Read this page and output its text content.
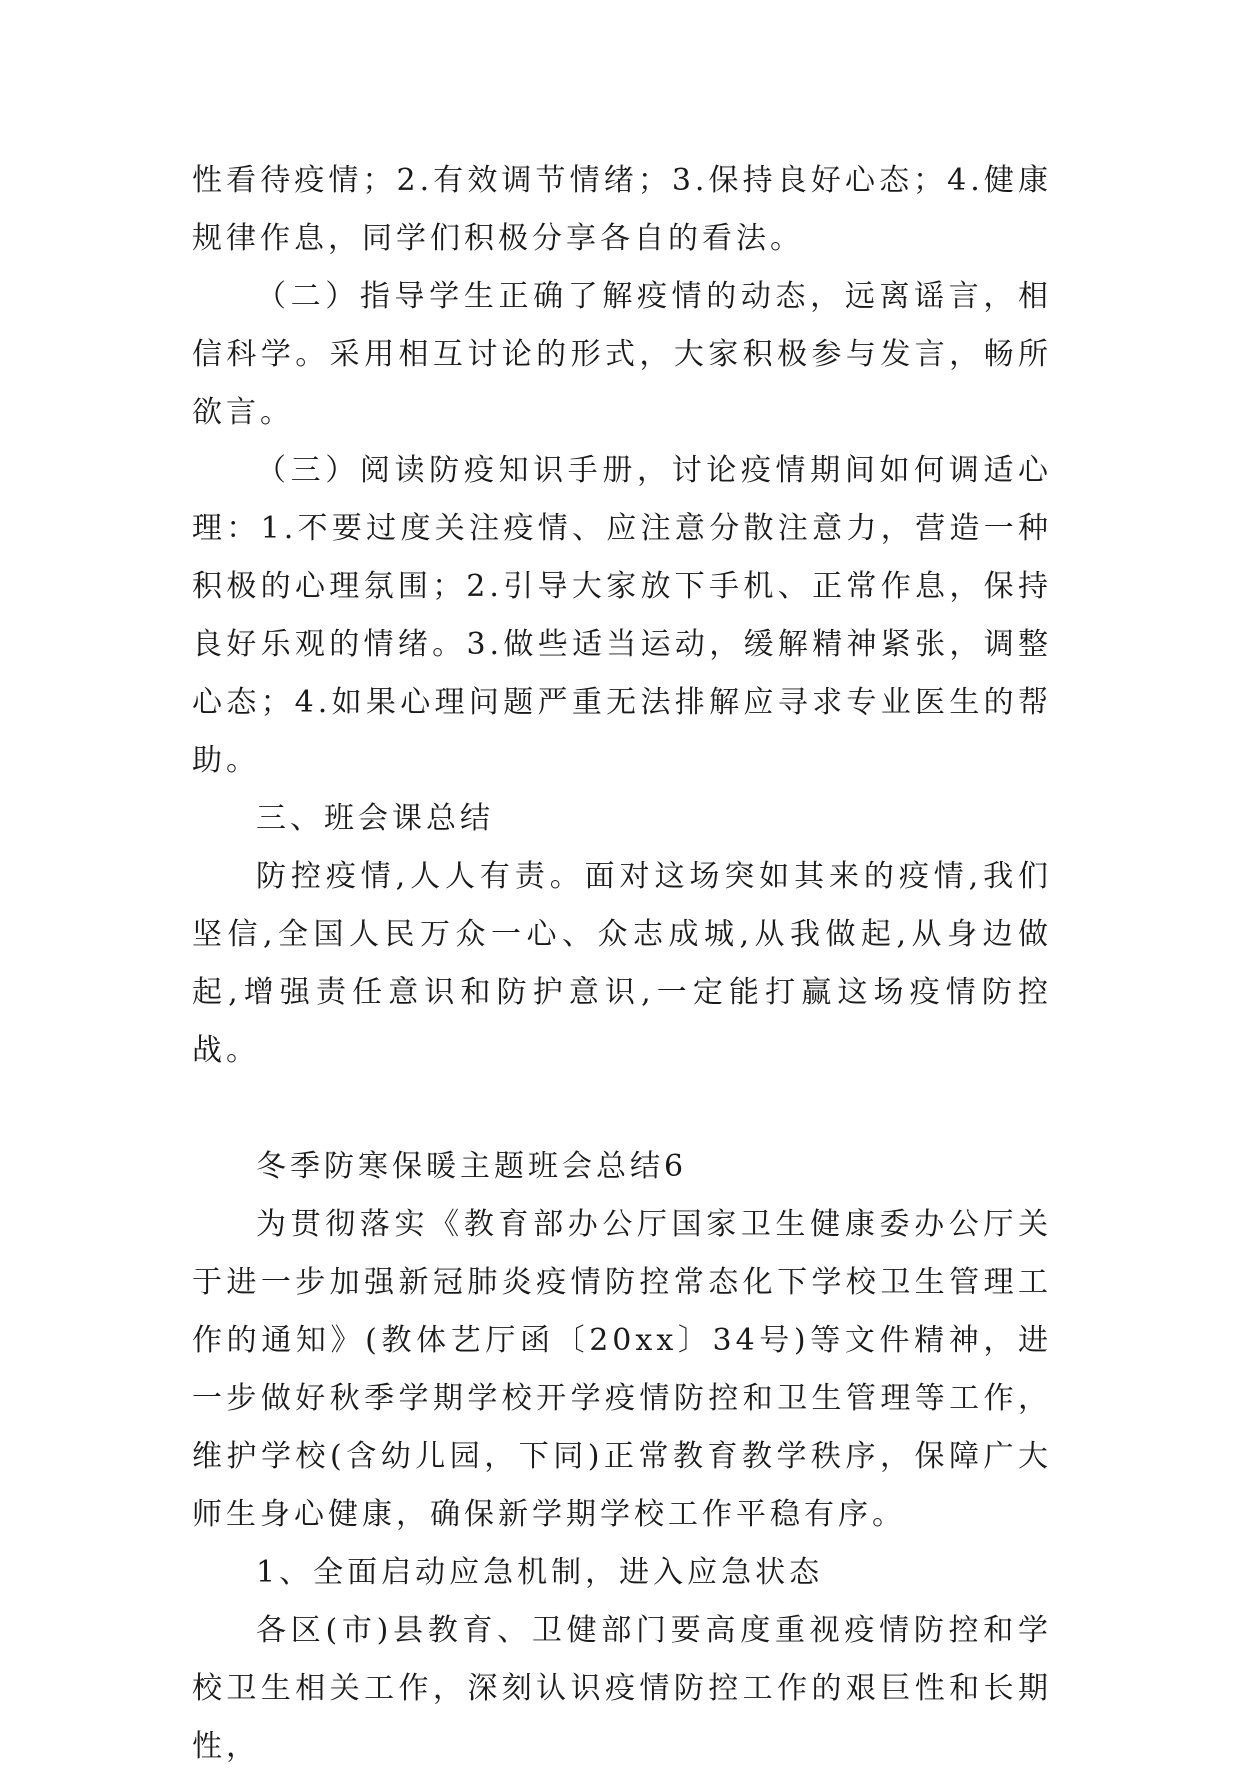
性看待疫情；2.有效调节情绪；3.保持良好心态；4.健康规律作息，同学们积极分享各自的看法。

（二）指导学生正确了解疫情的动态，远离谣言，相信科学。采用相互讨论的形式，大家积极参与发言，畅所欲言。

（三）阅读防疫知识手册，讨论疫情期间如何调适心理：1.不要过度关注疫情、应注意分散注意力，营造一种积极的心理氛围；2.引导大家放下手机、正常作息，保持良好乐观的情绪。3.做些适当运动，缓解精神紧张，调整心态；4.如果心理问题严重无法排解应寻求专业医生的帮助。

三、班会课总结

防控疫情,人人有责。面对这场突如其来的疫情,我们坚信,全国人民万众一心、众志成城,从我做起,从身边做起,增强责任意识和防护意识,一定能打赢这场疫情防控战。

冬季防寒保暖主题班会总结6

为贯彻落实《教育部办公厅国家卫生健康委办公厅关于进一步加强新冠肺炎疫情防控常态化下学校卫生管理工作的通知》(教体艺厅函〔20xx〕34号)等文件精神，进一步做好秋季学期学校开学疫情防控和卫生管理等工作，维护学校(含幼儿园，下同)正常教育教学秩序，保障广大师生身心健康，确保新学期学校工作平稳有序。

1、全面启动应急机制，进入应急状态

各区(市)县教育、卫健部门要高度重视疫情防控和学校卫生相关工作，深刻认识疫情防控工作的艰巨性和长期性，
